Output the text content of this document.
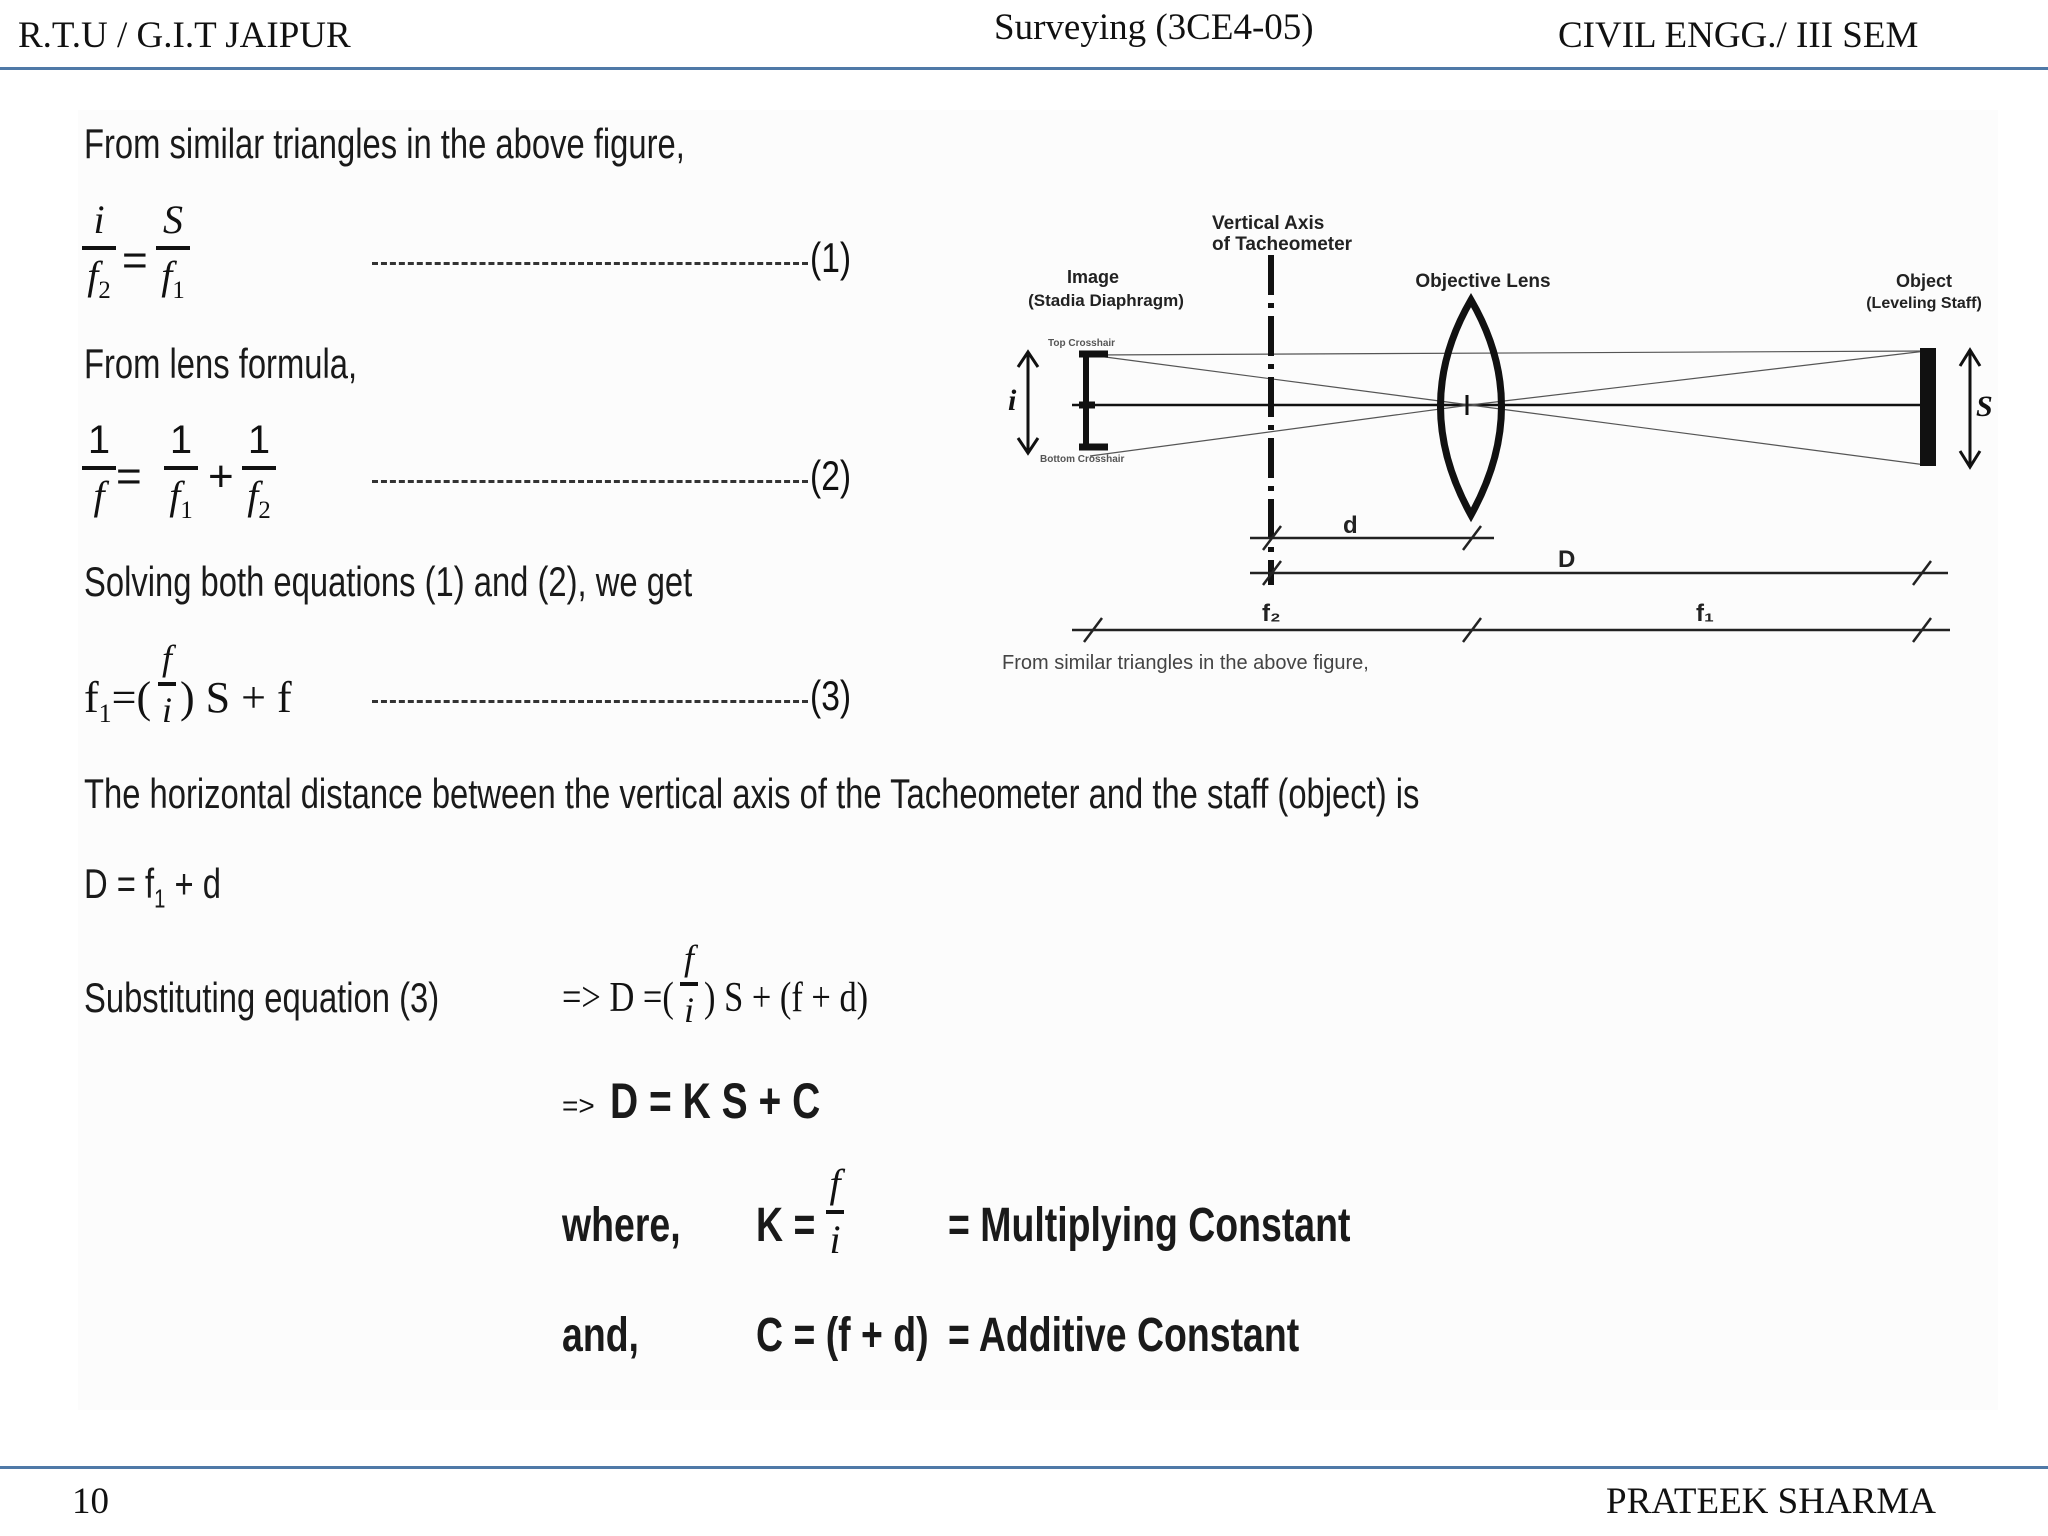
R.T.U / G.I.T JAIPUR	Surveying (3CE4-05)	CIVIL ENGG./ III SEM
From similar triangles in the above figure,
i
$f_2$
=
S
$f_1$
(1)
From lens formula,
1
f =
1
$f_1$
+
1
$f_2$
(2)
Solving both equations (1) and (2), we get
$f_1=$(
f
i ) S + f	(3)
The horizontal distance between the vertical axis of the Tacheometer and the staff (object) is
$D = f_1 + d$
Substituting equation (3)	=> D =(
f
i ) S + (f + d)
=> D = K S + C
where, K =
f
i = Multiplying Constant
and, C = (f + d) = Additive Constant
Vertical Axis
of Tacheometer
Image
(Stadia Diaphragm)
Objective Lens	Object
(Leveling Staff)
Top Crosshair
Bottom Crosshair
d
D
f₂	f₁
i	S
From similar triangles in the above figure,
10	PRATEEK SHARMA
